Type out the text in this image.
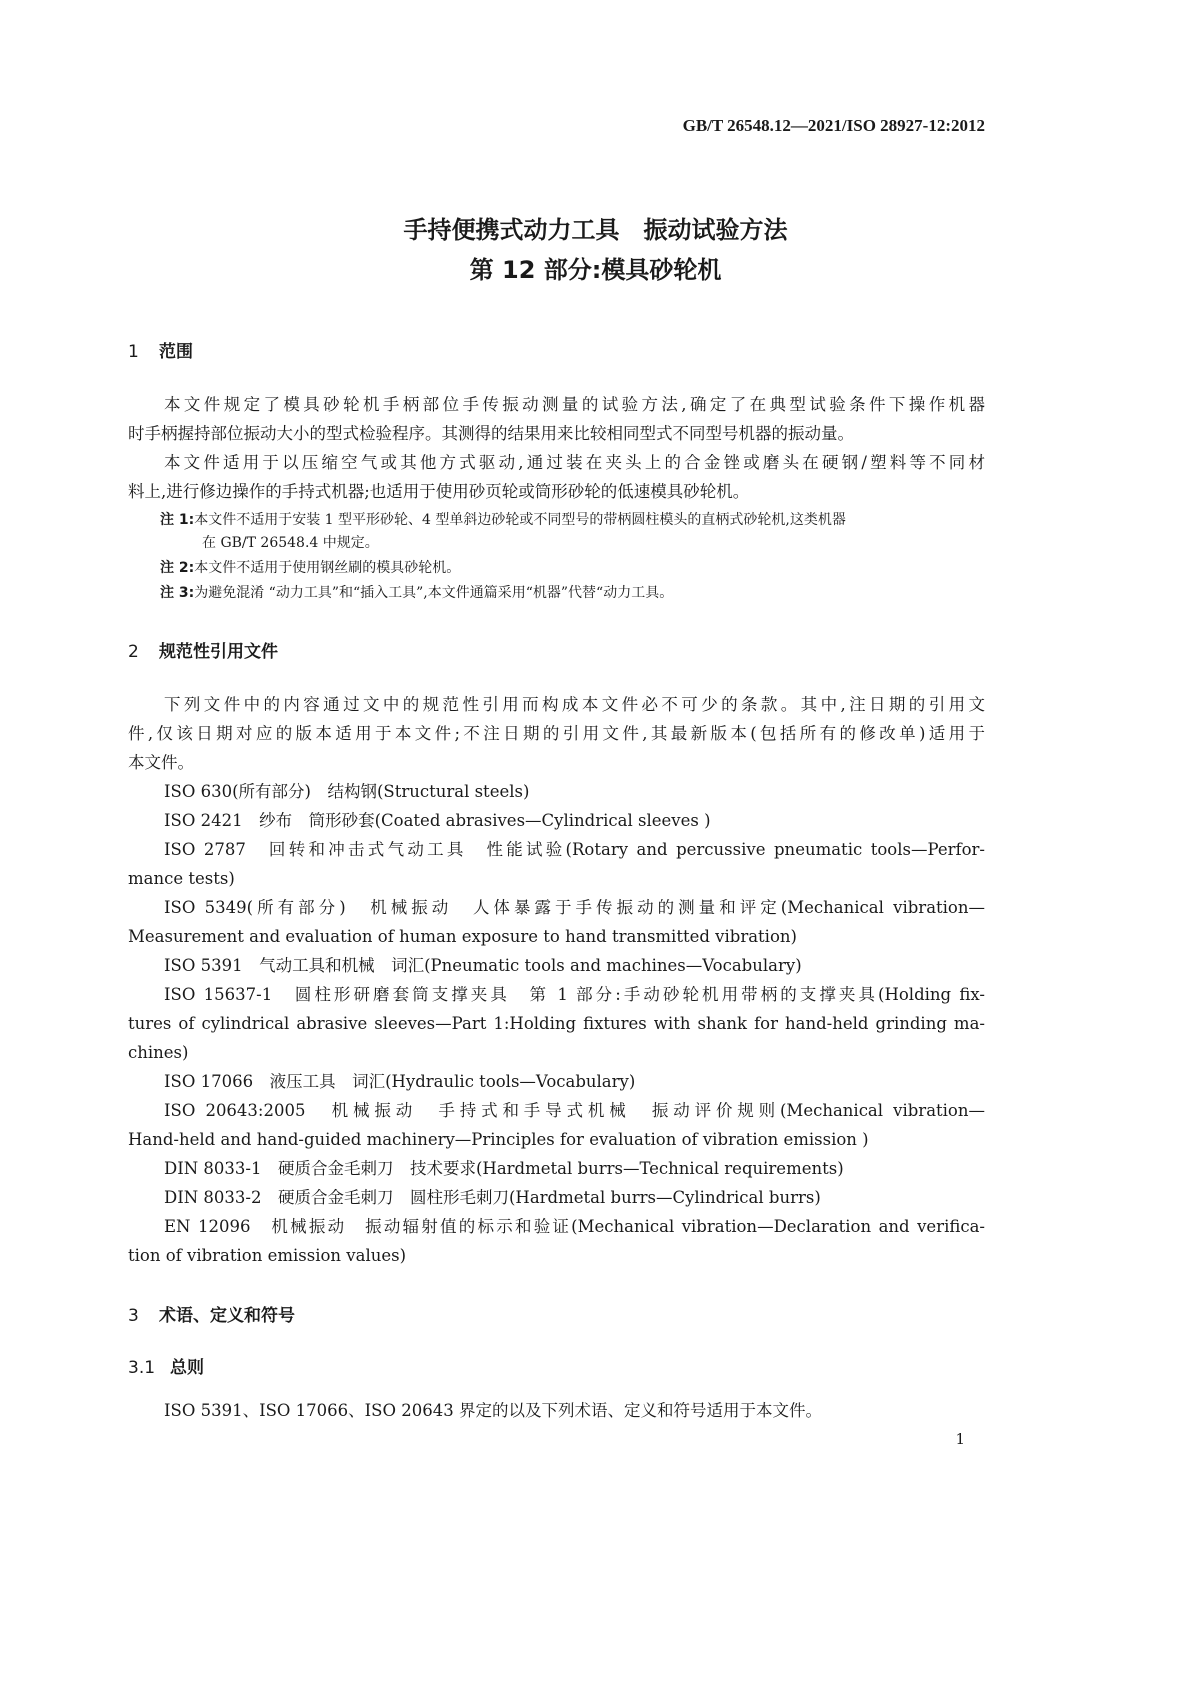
GB/T 26548.12—2021/ISO 28927-12:2012
手持便携式动力工具　振动试验方法
第 12 部分:模具砂轮机
1 范围
本文件规定了模具砂轮机手柄部位手传振动测量的试验方法,确定了在典型试验条件下操作机器
时手柄握持部位振动大小的型式检验程序。其测得的结果用来比较相同型式不同型号机器的振动量。
本文件适用于以压缩空气或其他方式驱动,通过装在夹头上的合金锉或磨头在硬钢/塑料等不同材
料上,进行修边操作的手持式机器;也适用于使用砂页轮或筒形砂轮的低速模具砂轮机。
注 1:本文件不适用于安装 1 型平形砂轮、4 型单斜边砂轮或不同型号的带柄圆柱模头的直柄式砂轮机,这类机器
在 GB/T 26548.4 中规定。
注 2:本文件不适用于使用钢丝刷的模具砂轮机。
注 3:为避免混淆 “动力工具”和“插入工具”,本文件通篇采用“机器”代替“动力工具。
2 规范性引用文件
下列文件中的内容通过文中的规范性引用而构成本文件必不可少的条款。其中,注日期的引用文
件,仅该日期对应的版本适用于本文件;不注日期的引用文件,其最新版本(包括所有的修改单)适用于
本文件。
ISO 630(所有部分)　结构钢(Structural steels)
ISO 2421　纱布　筒形砂套(Coated abrasives—Cylindrical sleeves )
ISO 2787　回转和冲击式气动工具　性能试验(Rotary and percussive pneumatic tools—Perfor-
mance tests)
ISO 5349(所有部分)　机械振动　人体暴露于手传振动的测量和评定(Mechanical vibration—
Measurement and evaluation of human exposure to hand transmitted vibration)
ISO 5391　气动工具和机械　词汇(Pneumatic tools and machines—Vocabulary)
ISO 15637-1　圆柱形研磨套筒支撑夹具　第 1 部分:手动砂轮机用带柄的支撑夹具(Holding fix-
tures of cylindrical abrasive sleeves—Part 1:Holding fixtures with shank for hand-held grinding ma-
chines)
ISO 17066　液压工具　词汇(Hydraulic tools—Vocabulary)
ISO 20643:2005　机械振动　手持式和手导式机械　振动评价规则(Mechanical vibration—
Hand-held and hand-guided machinery—Principles for evaluation of vibration emission )
DIN 8033-1　硬质合金毛刺刀　技术要求(Hardmetal burrs—Technical requirements)
DIN 8033-2　硬质合金毛刺刀　圆柱形毛刺刀(Hardmetal burrs—Cylindrical burrs)
EN 12096　机械振动　振动辐射值的标示和验证(Mechanical vibration—Declaration and verifica-
tion of vibration emission values)
3 术语、定义和符号
3.1 总则
ISO 5391、ISO 17066、ISO 20643 界定的以及下列术语、定义和符号适用于本文件。
1
